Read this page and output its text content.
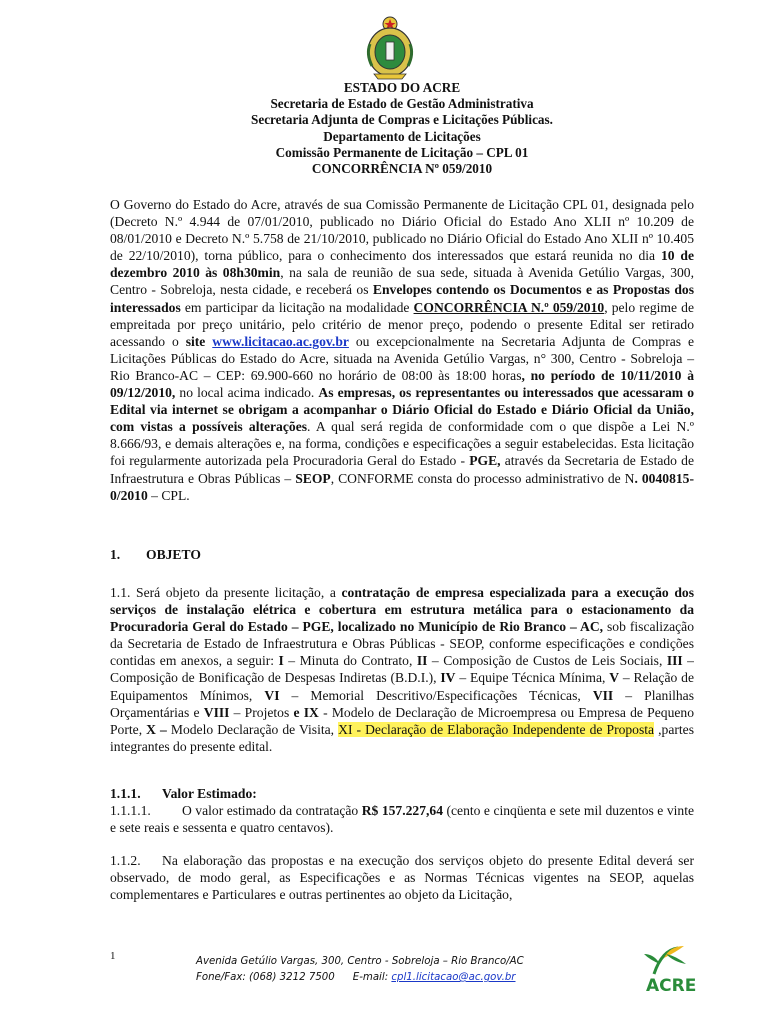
ESTADO DO ACRE
Secretaria de Estado de Gestão Administrativa
Secretaria Adjunta de Compras e Licitações Públicas.
Departamento de Licitações
Comissão Permanente de Licitação – CPL 01
CONCORRÊNCIA Nº 059/2010

O Governo do Estado do Acre, através de sua Comissão Permanente de Licitação CPL 01, designada pelo (Decreto N.º 4.944 de 07/01/2010, publicado no Diário Oficial do Estado Ano XLII nº 10.209 de 08/01/2010 e Decreto N.º 5.758 de 21/10/2010, publicado no Diário Oficial do Estado Ano XLII nº 10.405 de 22/10/2010), torna público, para o conhecimento dos interessados que estará reunida no dia 10 de dezembro 2010 às 08h30min, na sala de reunião de sua sede, situada à Avenida Getúlio Vargas, 300, Centro - Sobreloja, nesta cidade, e receberá os Envelopes contendo os Documentos e as Propostas dos interessados em participar da licitação na modalidade CONCORRÊNCIA N.º 059/2010, pelo regime de empreitada por preço unitário, pelo critério de menor preço, podendo o presente Edital ser retirado acessando o site www.licitacao.ac.gov.br ou excepcionalmente na Secretaria Adjunta de Compras e Licitações Públicas do Estado do Acre, situada na Avenida Getúlio Vargas, n° 300, Centro - Sobreloja – Rio Branco-AC – CEP: 69.900-660 no horário de 08:00 às 18:00 horas, no período de 10/11/2010 à 09/12/2010, no local acima indicado. As empresas, os representantes ou interessados que acessaram o Edital via internet se obrigam a acompanhar o Diário Oficial do Estado e Diário Oficial da União, com vistas a possíveis alterações. A qual será regida de conformidade com o que dispõe a Lei N.º 8.666/93, e demais alterações e, na forma, condições e especificações a seguir estabelecidas. Esta licitação foi regularmente autorizada pela Procuradoria Geral do Estado - PGE, através da Secretaria de Estado de Infraestrutura e Obras Públicas – SEOP, CONFORME consta do processo administrativo de N. 0040815-0/2010 – CPL.

1. OBJETO

1.1. Será objeto da presente licitação, a contratação de empresa especializada para a execução dos serviços de instalação elétrica e cobertura em estrutura metálica para o estacionamento da Procuradoria Geral do Estado – PGE, localizado no Município de Rio Branco – AC, sob fiscalização da Secretaria de Estado de Infraestrutura e Obras Públicas - SEOP, conforme especificações e condições contidas em anexos, a seguir: I – Minuta do Contrato, II – Composição de Custos de Leis Sociais, III – Composição de Bonificação de Despesas Indiretas (B.D.I.), IV – Equipe Técnica Mínima, V – Relação de Equipamentos Mínimos, VI – Memorial Descritivo/Especificações Técnicas, VII – Planilhas Orçamentárias e VIII – Projetos e IX - Modelo de Declaração de Microempresa ou Empresa de Pequeno Porte, X – Modelo Declaração de Visita, XI - Declaração de Elaboração Independente de Proposta ,partes integrantes do presente edital.

1.1.1. Valor Estimado:

1.1.1.1. O valor estimado da contratação R$ 157.227,64 (cento e cinqüenta e sete mil duzentos e vinte e sete reais e sessenta e quatro centavos).

1.1.2. Na elaboração das propostas e na execução dos serviços objeto do presente Edital deverá ser observado, de modo geral, as Especificações e as Normas Técnicas vigentes na SEOP, aquelas complementares e Particulares e outras pertinentes ao objeto da Licitação,

1	Avenida Getúlio Vargas, 300, Centro - Sobreloja – Rio Branco/AC
Fone/Fax: (068) 3212 7500 E-mail: cpl1.licitacao@ac.gov.br	ACRE
